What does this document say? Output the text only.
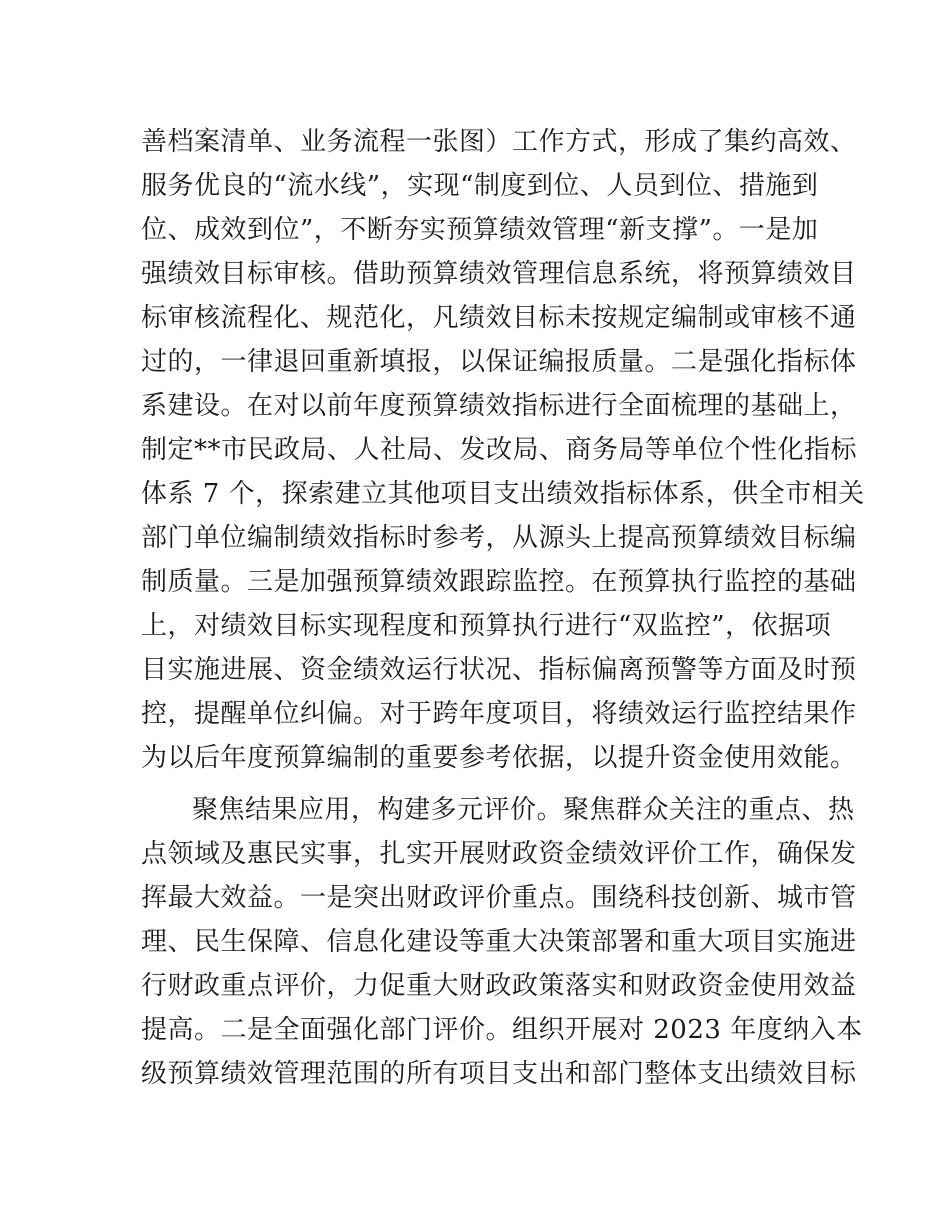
善档案清单、业务流程一张图）工作方式，形成了集约高效、
服务优良的“流水线”，实现“制度到位、人员到位、措施到
位、成效到位”，不断夯实预算绩效管理“新支撑”。一是加
强绩效目标审核。借助预算绩效管理信息系统，将预算绩效目
标审核流程化、规范化，凡绩效目标未按规定编制或审核不通
过的，一律退回重新填报，以保证编报质量。二是强化指标体
系建设。在对以前年度预算绩效指标进行全面梳理的基础上，
制定**市民政局、人社局、发改局、商务局等单位个性化指标
体系 7 个，探索建立其他项目支出绩效指标体系，供全市相关
部门单位编制绩效指标时参考，从源头上提高预算绩效目标编
制质量。三是加强预算绩效跟踪监控。在预算执行监控的基础
上，对绩效目标实现程度和预算执行进行“双监控”，依据项
目实施进展、资金绩效运行状况、指标偏离预警等方面及时预
控，提醒单位纠偏。对于跨年度项目，将绩效运行监控结果作
为以后年度预算编制的重要参考依据，以提升资金使用效能。
聚焦结果应用，构建多元评价。聚焦群众关注的重点、热
点领域及惠民实事，扎实开展财政资金绩效评价工作，确保发
挥最大效益。一是突出财政评价重点。围绕科技创新、城市管
理、民生保障、信息化建设等重大决策部署和重大项目实施进
行财政重点评价，力促重大财政政策落实和财政资金使用效益
提高。二是全面强化部门评价。组织开展对 2023 年度纳入本
级预算绩效管理范围的所有项目支出和部门整体支出绩效目标
